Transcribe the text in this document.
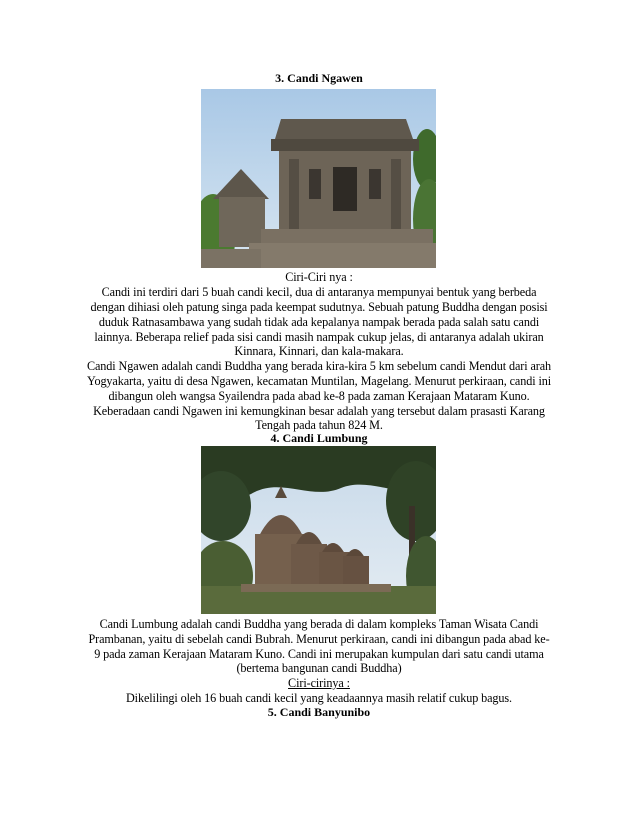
3. Candi Ngawen
Ciri-Ciri nya :
Candi ini terdiri dari 5 buah candi kecil, dua di antaranya mempunyai bentuk yang berbeda
dengan dihiasi oleh patung singa pada keempat sudutnya. Sebuah patung Buddha dengan posisi
duduk Ratnasambawa yang sudah tidak ada kepalanya nampak berada pada salah satu candi
lainnya. Beberapa relief pada sisi candi masih nampak cukup jelas, di antaranya adalah ukiran
Kinnara, Kinnari, dan kala-makara.
Candi Ngawen adalah candi Buddha yang berada kira-kira 5 km sebelum candi Mendut dari arah
Yogyakarta, yaitu di desa Ngawen, kecamatan Muntilan, Magelang. Menurut perkiraan, candi ini
dibangun oleh wangsa Syailendra pada abad ke-8 pada zaman Kerajaan Mataram Kuno.
Keberadaan candi Ngawen ini kemungkinan besar adalah yang tersebut dalam prasasti Karang
Tengah pada tahun 824 M.
4. Candi Lumbung
Candi Lumbung adalah candi Buddha yang berada di dalam kompleks Taman Wisata Candi
Prambanan, yaitu di sebelah candi Bubrah. Menurut perkiraan, candi ini dibangun pada abad ke-
9 pada zaman Kerajaan Mataram Kuno. Candi ini merupakan kumpulan dari satu candi utama
(bertema bangunan candi Buddha)
Ciri-cirinya :
Dikelilingi oleh 16 buah candi kecil yang keadaannya masih relatif cukup bagus.
5. Candi Banyunibo
